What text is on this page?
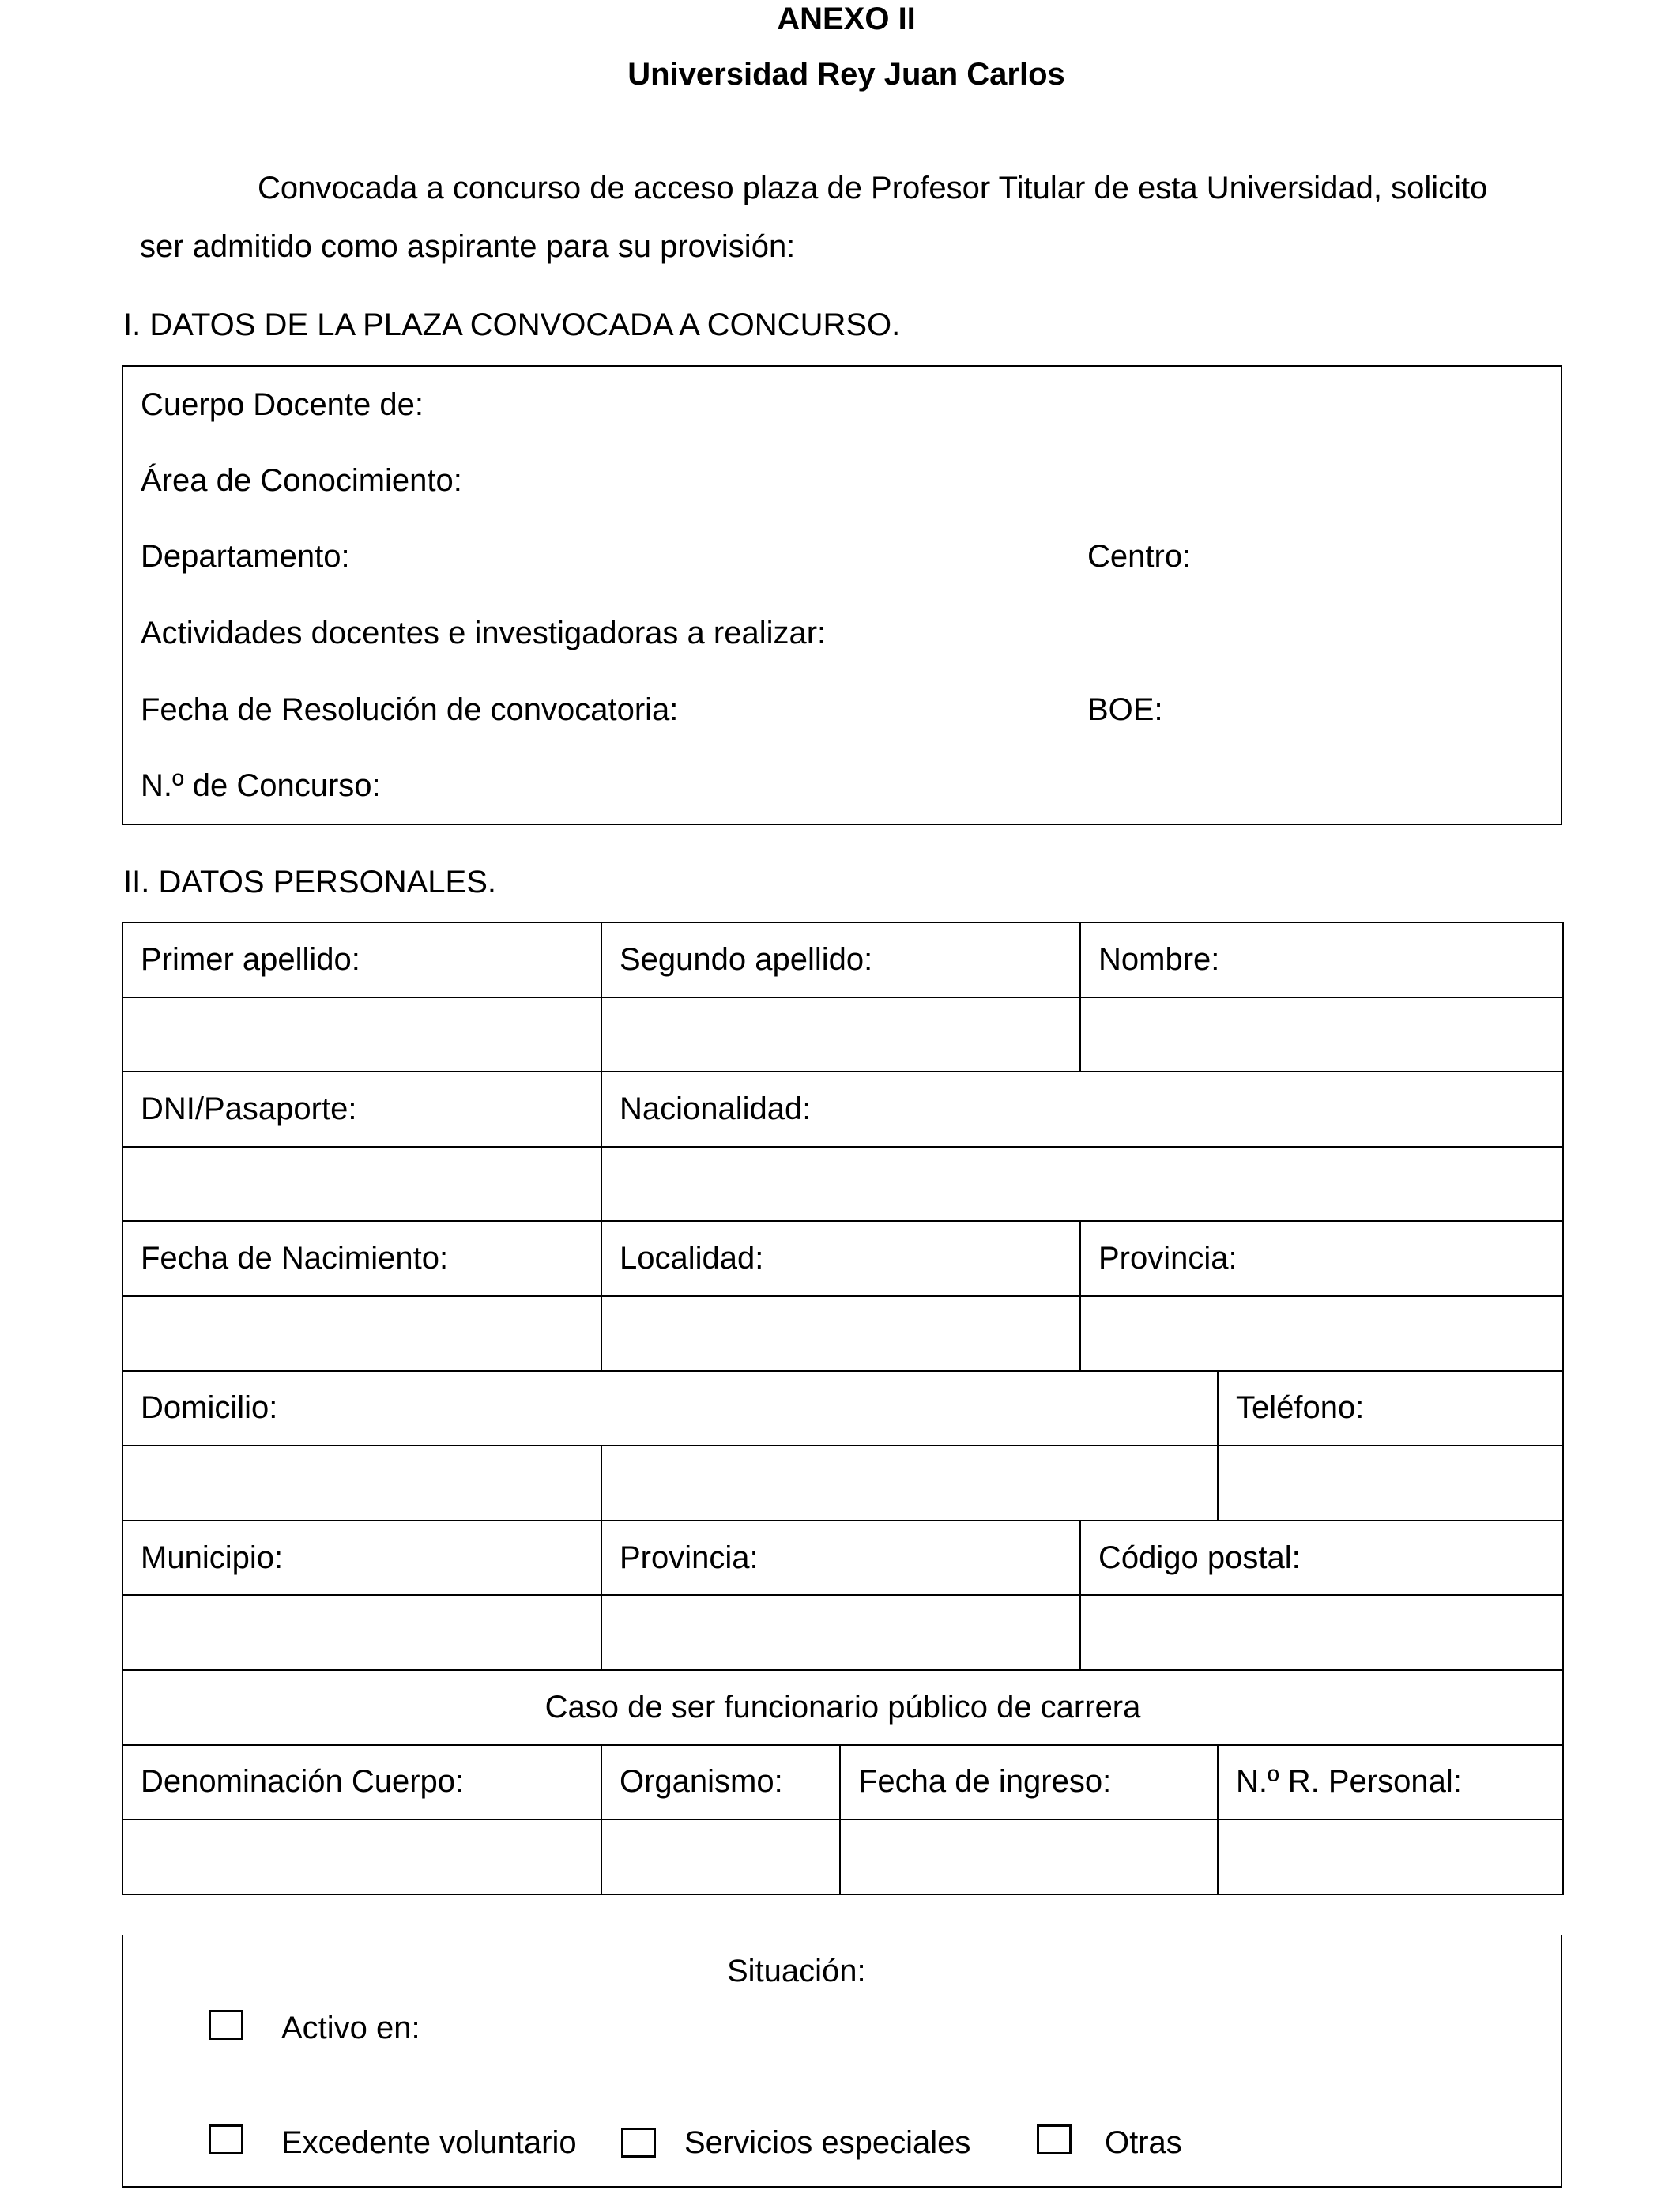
ANEXO II
Universidad Rey Juan Carlos
Convocada a concurso de acceso plaza de Profesor Titular de esta Universidad, solicito
ser admitido como aspirante para su provisión:
I. DATOS DE LA PLAZA CONVOCADA A CONCURSO.
Cuerpo Docente de:
Área de Conocimiento:
Departamento:	Centro:
Actividades docentes e investigadoras a realizar:
Fecha de Resolución de convocatoria:	BOE:
N.º de Concurso:
II. DATOS PERSONALES.
Primer apellido:	Segundo apellido:		Nombre:	

DNI/Pasaporte:	Nacionalidad:			

Fecha de Nacimiento:	Localidad:		Provincia:	

Domicilio:				Teléfono:

Municipio:	Provincia:		Código postal:	

Caso de ser funcionario público de carrera				
Denominación Cuerpo:	Organismo:	Fecha de ingreso:		N.º R. Personal:

Situación:
Activo en:
Excedente voluntario	Servicios especiales	Otras
